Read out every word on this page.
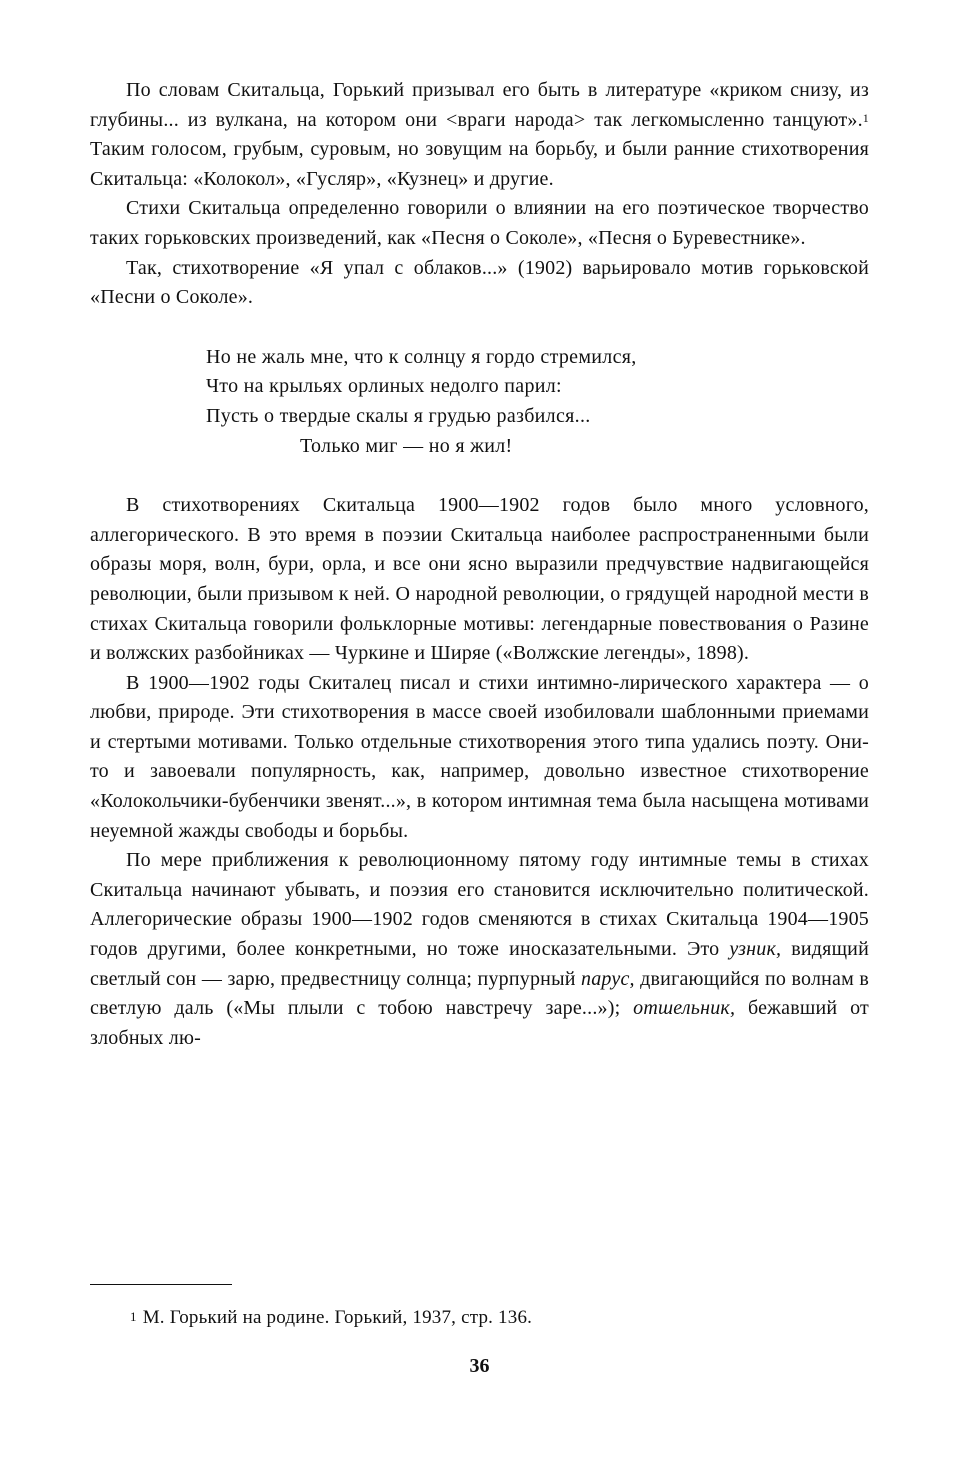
По словам Скитальца, Горький призывал его быть в литературе «криком снизу, из глубины... из вулкана, на котором они <враги народа> так легкомысленно танцуют».$^1$ Таким голосом, грубым, суровым, но зовущим на борьбу, и были ранние стихотворения Скитальца: «Колокол», «Гусляр», «Кузнец» и другие.

Стихи Скитальца определенно говорили о влиянии на его поэтическое творчество таких горьковских произведений, как «Песня о Соколе», «Песня о Буревестнике».

Так, стихотворение «Я упал с облаков...» (1902) варьировало мотив горьковской «Песни о Соколе».

Но не жаль мне, что к солнцу я гордо стремился,
Что на крыльях орлиных недолго парил:
Пусть о твердые скалы я грудью разбился...
Только миг — но я жил!

В стихотворениях Скитальца 1900—1902 годов было много условного, аллегорического. В это время в поэзии Скитальца наиболее распространенными были образы моря, волн, бури, орла, и все они ясно выразили предчувствие надвигающейся революции, были призывом к ней. О народной революции, о грядущей народной мести в стихах Скитальца говорили фольклорные мотивы: легендарные повествования о Разине и волжских разбойниках — Чуркине и Ширяе («Волжские легенды», 1898).

В 1900—1902 годы Скиталец писал и стихи интимно-лирического характера — о любви, природе. Эти стихотворения в массе своей изобиловали шаблонными приемами и стертыми мотивами. Только отдельные стихотворения этого типа удались поэту. Они-то и завоевали популярность, как, например, довольно известное стихотворение «Колокольчики-бубенчики звенят...», в котором интимная тема была насыщена мотивами неуемной жажды свободы и борьбы.

По мере приближения к революционному пятому году интимные темы в стихах Скитальца начинают убывать, и поэзия его становится исключительно политической. Аллегорические образы 1900—1902 годов сменяются в стихах Скитальца 1904—1905 годов другими, более конкретными, но тоже иносказательными. Это узник, видящий светлый сон — зарю, предвестницу солнца; пурпурный парус, двигающийся по волнам в светлую даль («Мы плыли с тобою навстречу заре...»); отшельник, бежавший от злобных лю-

$^1$ М. Горький на родине. Горький, 1937, стр. 136.
36
